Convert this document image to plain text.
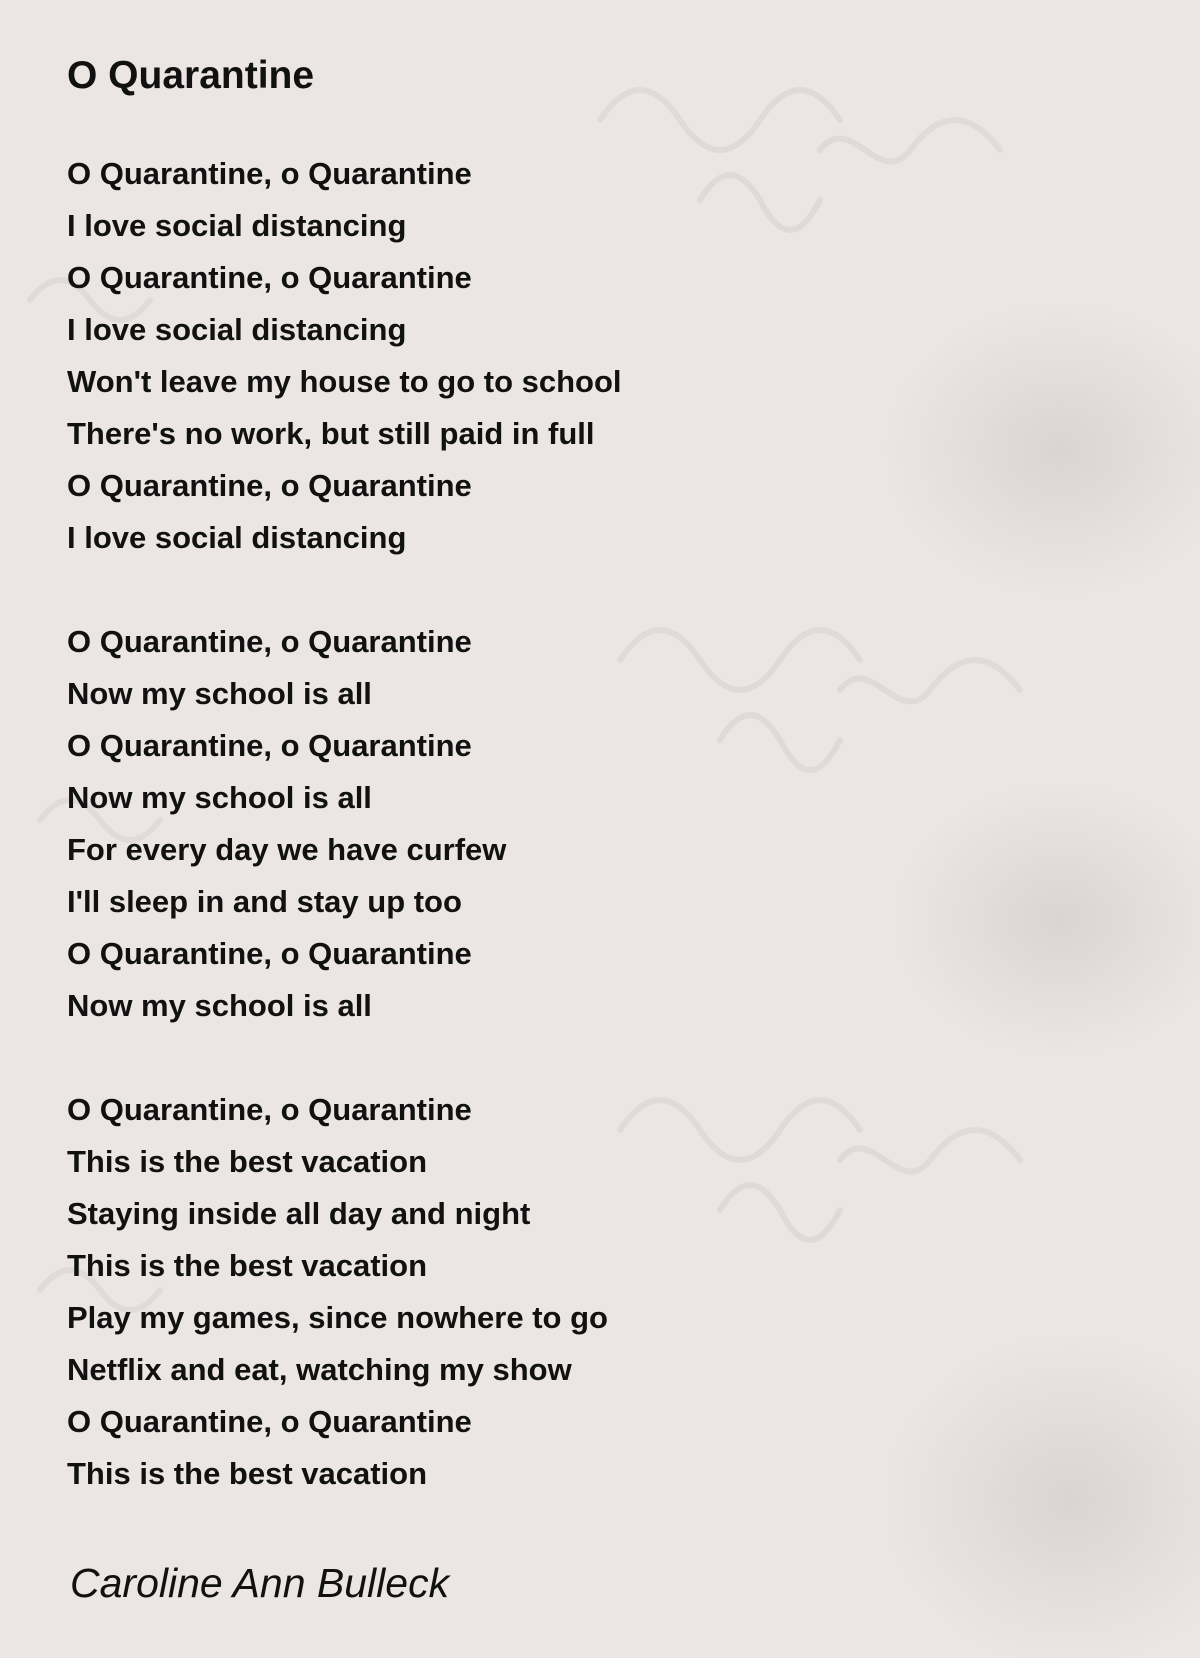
O Quarantine
O Quarantine, o Quarantine
I love social distancing
O Quarantine, o Quarantine
I love social distancing
Won't leave my house to go to school
There's no work, but still paid in full
O Quarantine, o Quarantine
I love social distancing
O Quarantine, o Quarantine
Now my school is all
O Quarantine, o Quarantine
Now my school is all
For every day we have curfew
I'll sleep in and stay up too
O Quarantine, o Quarantine
Now my school is all
O Quarantine, o Quarantine
This is the best vacation
Staying inside all day and night
This is the best vacation
Play my games, since nowhere to go
Netflix and eat, watching my show
O Quarantine, o Quarantine
This is the best vacation
Caroline Ann Bulleck
